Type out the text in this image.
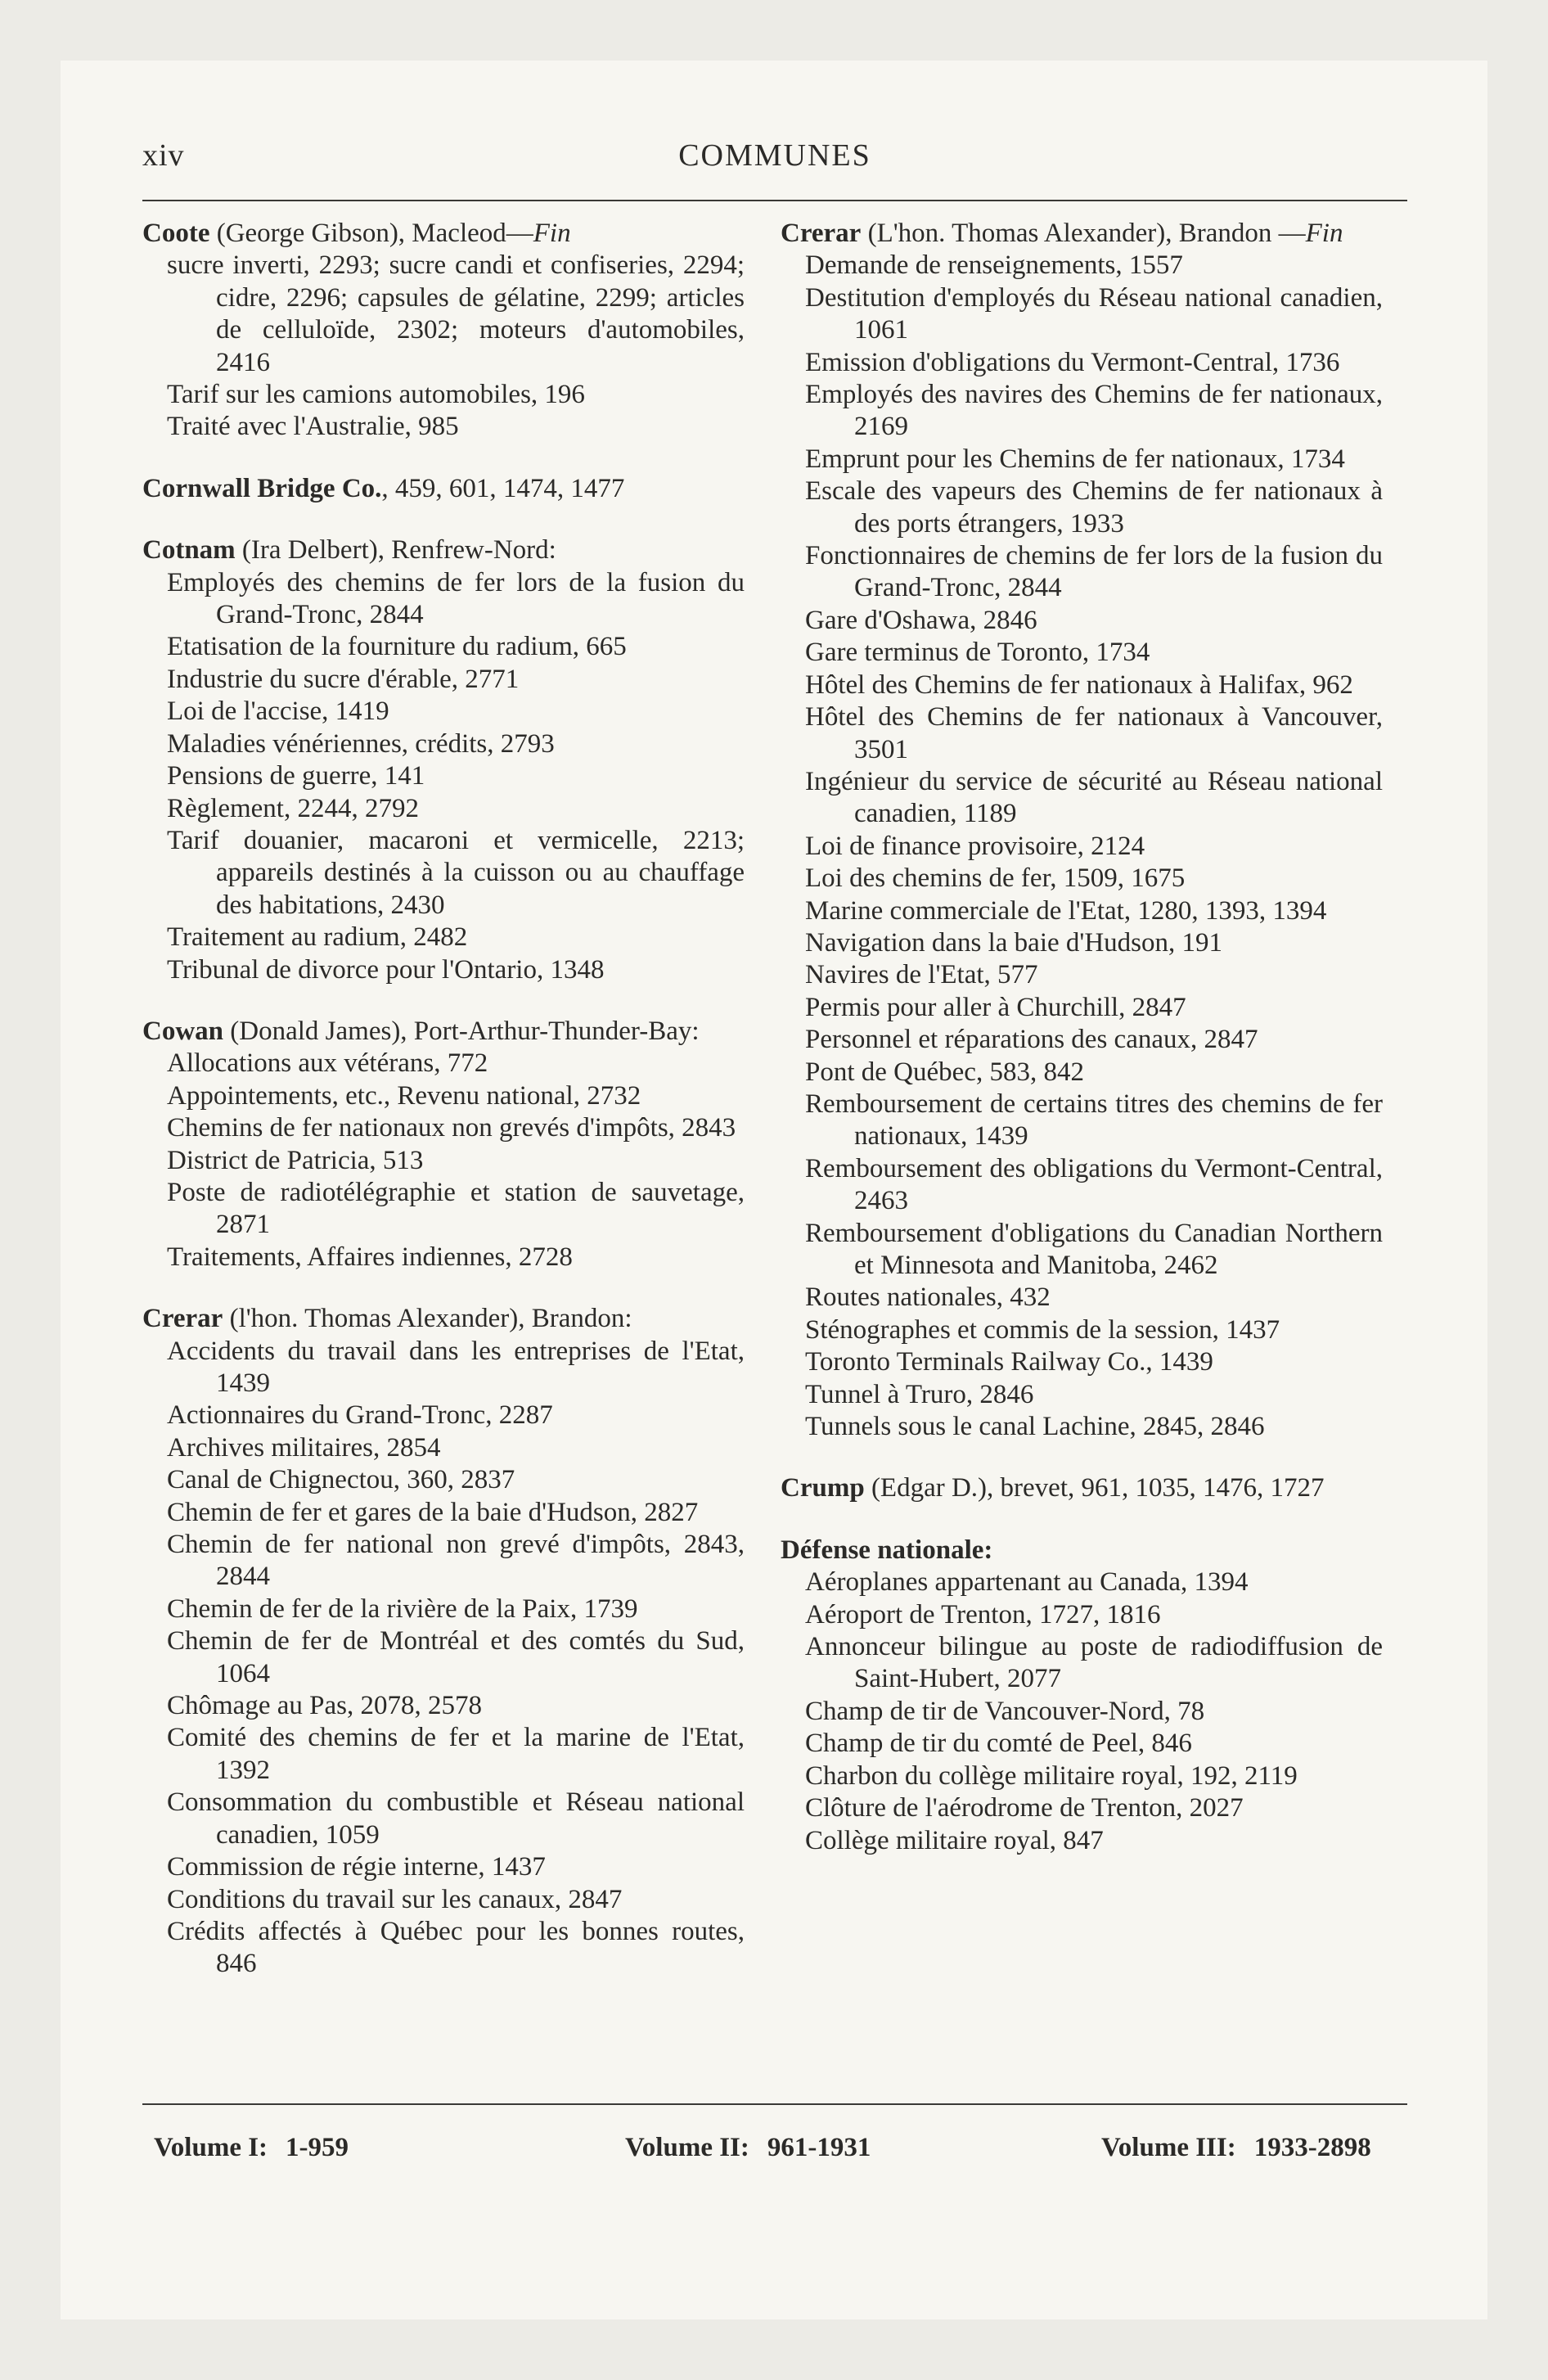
xiv	COMMUNES
Coote (George Gibson), Macleod—Fin
sucre inverti, 2293; sucre candi et confiseries, 2294; cidre, 2296; capsules de gélatine, 2299; articles de celluloïde, 2302; moteurs d'automobiles, 2416
Tarif sur les camions automobiles, 196
Traité avec l'Australie, 985
Cornwall Bridge Co., 459, 601, 1474, 1477
Cotnam (Ira Delbert), Renfrew-Nord:
Employés des chemins de fer lors de la fusion du Grand-Tronc, 2844
Etatisation de la fourniture du radium, 665
Industrie du sucre d'érable, 2771
Loi de l'accise, 1419
Maladies vénériennes, crédits, 2793
Pensions de guerre, 141
Règlement, 2244, 2792
Tarif douanier, macaroni et vermicelle, 2213; appareils destinés à la cuisson ou au chauffage des habitations, 2430
Traitement au radium, 2482
Tribunal de divorce pour l'Ontario, 1348
Cowan (Donald James), Port-Arthur-Thunder-Bay:
Allocations aux vétérans, 772
Appointements, etc., Revenu national, 2732
Chemins de fer nationaux non grevés d'impôts, 2843
District de Patricia, 513
Poste de radiotélégraphie et station de sauvetage, 2871
Traitements, Affaires indiennes, 2728
Crerar (l'hon. Thomas Alexander), Brandon:
Accidents du travail dans les entreprises de l'Etat, 1439
Actionnaires du Grand-Tronc, 2287
Archives militaires, 2854
Canal de Chignectou, 360, 2837
Chemin de fer et gares de la baie d'Hudson, 2827
Chemin de fer national non grevé d'impôts, 2843, 2844
Chemin de fer de la rivière de la Paix, 1739
Chemin de fer de Montréal et des comtés du Sud, 1064
Chômage au Pas, 2078, 2578
Comité des chemins de fer et la marine de l'Etat, 1392
Consommation du combustible et Réseau national canadien, 1059
Commission de régie interne, 1437
Conditions du travail sur les canaux, 2847
Crédits affectés à Québec pour les bonnes routes, 846
Crerar (L'hon. Thomas Alexander), Brandon —Fin
Demande de renseignements, 1557
Destitution d'employés du Réseau national canadien, 1061
Emission d'obligations du Vermont-Central, 1736
Employés des navires des Chemins de fer nationaux, 2169
Emprunt pour les Chemins de fer nationaux, 1734
Escale des vapeurs des Chemins de fer nationaux à des ports étrangers, 1933
Fonctionnaires de chemins de fer lors de la fusion du Grand-Tronc, 2844
Gare d'Oshawa, 2846
Gare terminus de Toronto, 1734
Hôtel des Chemins de fer nationaux à Halifax, 962
Hôtel des Chemins de fer nationaux à Vancouver, 3501
Ingénieur du service de sécurité au Réseau national canadien, 1189
Loi de finance provisoire, 2124
Loi des chemins de fer, 1509, 1675
Marine commerciale de l'Etat, 1280, 1393, 1394
Navigation dans la baie d'Hudson, 191
Navires de l'Etat, 577
Permis pour aller à Churchill, 2847
Personnel et réparations des canaux, 2847
Pont de Québec, 583, 842
Remboursement de certains titres des chemins de fer nationaux, 1439
Remboursement des obligations du Vermont-Central, 2463
Remboursement d'obligations du Canadian Northern et Minnesota and Manitoba, 2462
Routes nationales, 432
Sténographes et commis de la session, 1437
Toronto Terminals Railway Co., 1439
Tunnel à Truro, 2846
Tunnels sous le canal Lachine, 2845, 2846
Crump (Edgar D.), brevet, 961, 1035, 1476, 1727
Défense nationale:
Aéroplanes appartenant au Canada, 1394
Aéroport de Trenton, 1727, 1816
Annonceur bilingue au poste de radiodiffusion de Saint-Hubert, 2077
Champ de tir de Vancouver-Nord, 78
Champ de tir du comté de Peel, 846
Charbon du collège militaire royal, 192, 2119
Clôture de l'aérodrome de Trenton, 2027
Collège militaire royal, 847
Volume I: 1-959	Volume II: 961-1931	Volume III: 1933-2898
